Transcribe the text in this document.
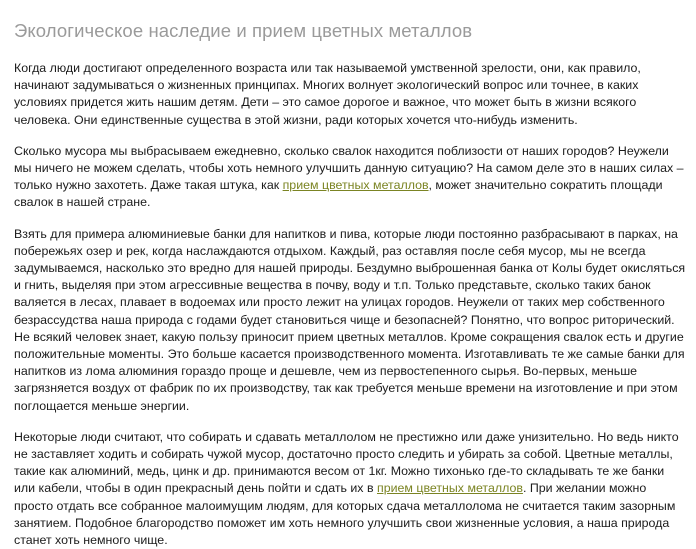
Экологическое наследие и прием цветных металлов

Когда люди достигают определенного возраста или так называемой умственной зрелости, они, как правило, начинают задумываться о жизненных принципах. Многих волнует экологический вопрос или точнее, в каких условиях придется жить нашим детям. Дети – это самое дорогое и важное, что может быть в жизни всякого человека. Они единственные существа в этой жизни, ради которых хочется что-нибудь изменить.

Сколько мусора мы выбрасываем ежедневно, сколько свалок находится поблизости от наших городов? Неужели мы ничего не можем сделать, чтобы хоть немного улучшить данную ситуацию? На самом деле это в наших силах – только нужно захотеть. Даже такая штука, как прием цветных металлов, может значительно сократить площади свалок в нашей стране.

Взять для примера алюминиевые банки для напитков и пива, которые люди постоянно разбрасывают в парках, на побережьях озер и рек, когда наслаждаются отдыхом. Каждый, раз оставляя после себя мусор, мы не всегда задумываемся, насколько это вредно для нашей природы. Бездумно выброшенная банка от Колы будет окисляться и гнить, выделяя при этом агрессивные вещества в почву, воду и т.п. Только представьте, сколько таких банок валяется в лесах, плавает в водоемах или просто лежит на улицах городов. Неужели от таких мер собственного безрассудства наша природа с годами будет становиться чище и безопасней? Понятно, что вопрос риторический.
Не всякий человек знает, какую пользу приносит прием цветных металлов. Кроме сокращения свалок есть и другие положительные моменты. Это больше касается производственного момента. Изготавливать те же самые банки для напитков из лома алюминия гораздо проще и дешевле, чем из первостепенного сырья. Во-первых, меньше загрязняется воздух от фабрик по их производству, так как требуется меньше времени на изготовление и при этом поглощается меньше энергии.

Некоторые люди считают, что собирать и сдавать металлолом не престижно или даже унизительно. Но ведь никто не заставляет ходить и собирать чужой мусор, достаточно просто следить и убирать за собой. Цветные металлы, такие как алюминий, медь, цинк и др. принимаются весом от 1кг. Можно тихонько где-то складывать те же банки или кабели, чтобы в один прекрасный день пойти и сдать их в прием цветных металлов. При желании можно просто отдать все собранное малоимущим людям, для которых сдача металлолома не считается таким зазорным занятием. Подобное благородство поможет им хоть немного улучшить свои жизненные условия, а наша природа станет хоть немного чище.
